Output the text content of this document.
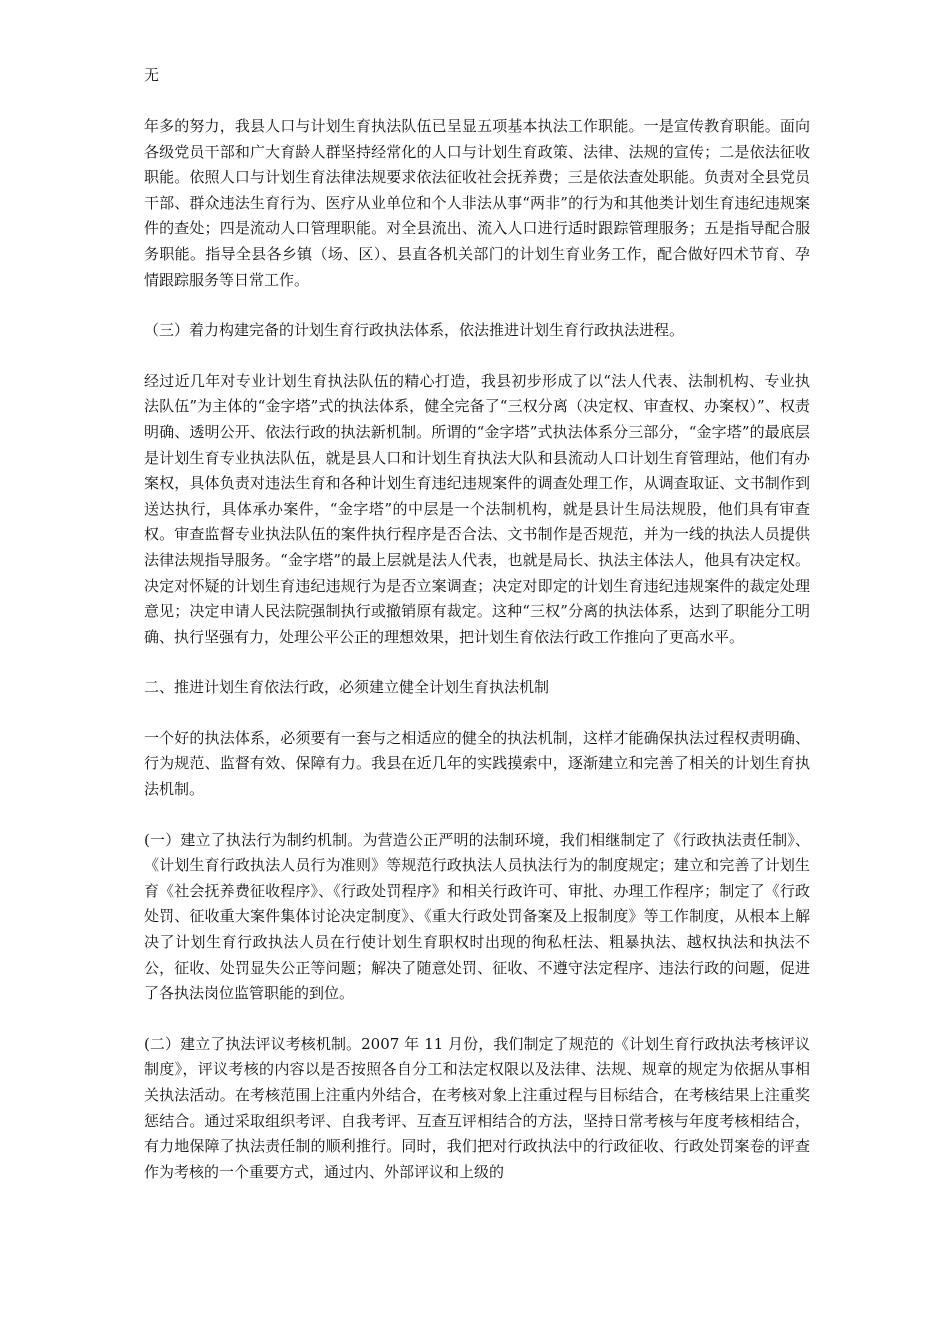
无

年多的努力，我县人口与计划生育执法队伍已呈显五项基本执法工作职能。一是宣传教育职能。面向各级党员干部和广大育龄人群坚持经常化的人口与计划生育政策、法律、法规的宣传；二是依法征收职能。依照人口与计划生育法律法规要求依法征收社会抚养费；三是依法查处职能。负责对全县党员干部、群众违法生育行为、医疗从业单位和个人非法从事“两非”的行为和其他类计划生育违纪违规案件的查处；四是流动人口管理职能。对全县流出、流入人口进行适时跟踪管理服务；五是指导配合服务职能。指导全县各乡镇（场、区）、县直各机关部门的计划生育业务工作，配合做好四术节育、孕情跟踪服务等日常工作。

（三）着力构建完备的计划生育行政执法体系，依法推进计划生育行政执法进程。

经过近几年对专业计划生育执法队伍的精心打造，我县初步形成了以“法人代表、法制机构、专业执法队伍”为主体的“金字塔”式的执法体系，健全完备了“三权分离（决定权、审查权、办案权）”、权责明确、透明公开、依法行政的执法新机制。所谓的“金字塔”式执法体系分三部分，“金字塔”的最底层是计划生育专业执法队伍，就是县人口和计划生育执法大队和县流动人口计划生育管理站，他们有办案权，具体负责对违法生育和各种计划生育违纪违规案件的调查处理工作，从调查取证、文书制作到送达执行，具体承办案件，“金字塔”的中层是一个法制机构，就是县计生局法规股，他们具有审查权。审查监督专业执法队伍的案件执行程序是否合法、文书制作是否规范，并为一线的执法人员提供法律法规指导服务。“金字塔”的最上层就是法人代表，也就是局长、执法主体法人，他具有决定权。决定对怀疑的计划生育违纪违规行为是否立案调查；决定对即定的计划生育违纪违规案件的裁定处理意见；决定申请人民法院强制执行或撤销原有裁定。这种“三权”分离的执法体系，达到了职能分工明确、执行坚强有力，处理公平公正的理想效果，把计划生育依法行政工作推向了更高水平。

二、推进计划生育依法行政，必须建立健全计划生育执法机制

一个好的执法体系，必须要有一套与之相适应的健全的执法机制，这样才能确保执法过程权责明确、行为规范、监督有效、保障有力。我县在近几年的实践摸索中，逐渐建立和完善了相关的计划生育执法机制。

(一）建立了执法行为制约机制。为营造公正严明的法制环境，我们相继制定了《行政执法责任制》、《计划生育行政执法人员行为准则》等规范行政执法人员执法行为的制度规定；建立和完善了计划生育《社会抚养费征收程序》、《行政处罚程序》和相关行政许可、审批、办理工作程序；制定了《行政处罚、征收重大案件集体讨论决定制度》、《重大行政处罚备案及上报制度》等工作制度，从根本上解决了计划生育行政执法人员在行使计划生育职权时出现的徇私枉法、粗暴执法、越权执法和执法不公，征收、处罚显失公正等问题；解决了随意处罚、征收、不遵守法定程序、违法行政的问题，促进了各执法岗位监管职能的到位。

(二）建立了执法评议考核机制。2007 年 11 月份，我们制定了规范的《计划生育行政执法考核评议制度》，评议考核的内容以是否按照各自分工和法定权限以及法律、法规、规章的规定为依据从事相关执法活动。在考核范围上注重内外结合，在考核对象上注重过程与目标结合，在考核结果上注重奖惩结合。通过采取组织考评、自我考评、互查互评相结合的方法，坚持日常考核与年度考核相结合，有力地保障了执法责任制的顺利推行。同时，我们把对行政执法中的行政征收、行政处罚案卷的评查作为考核的一个重要方式，通过内、外部评议和上级的
